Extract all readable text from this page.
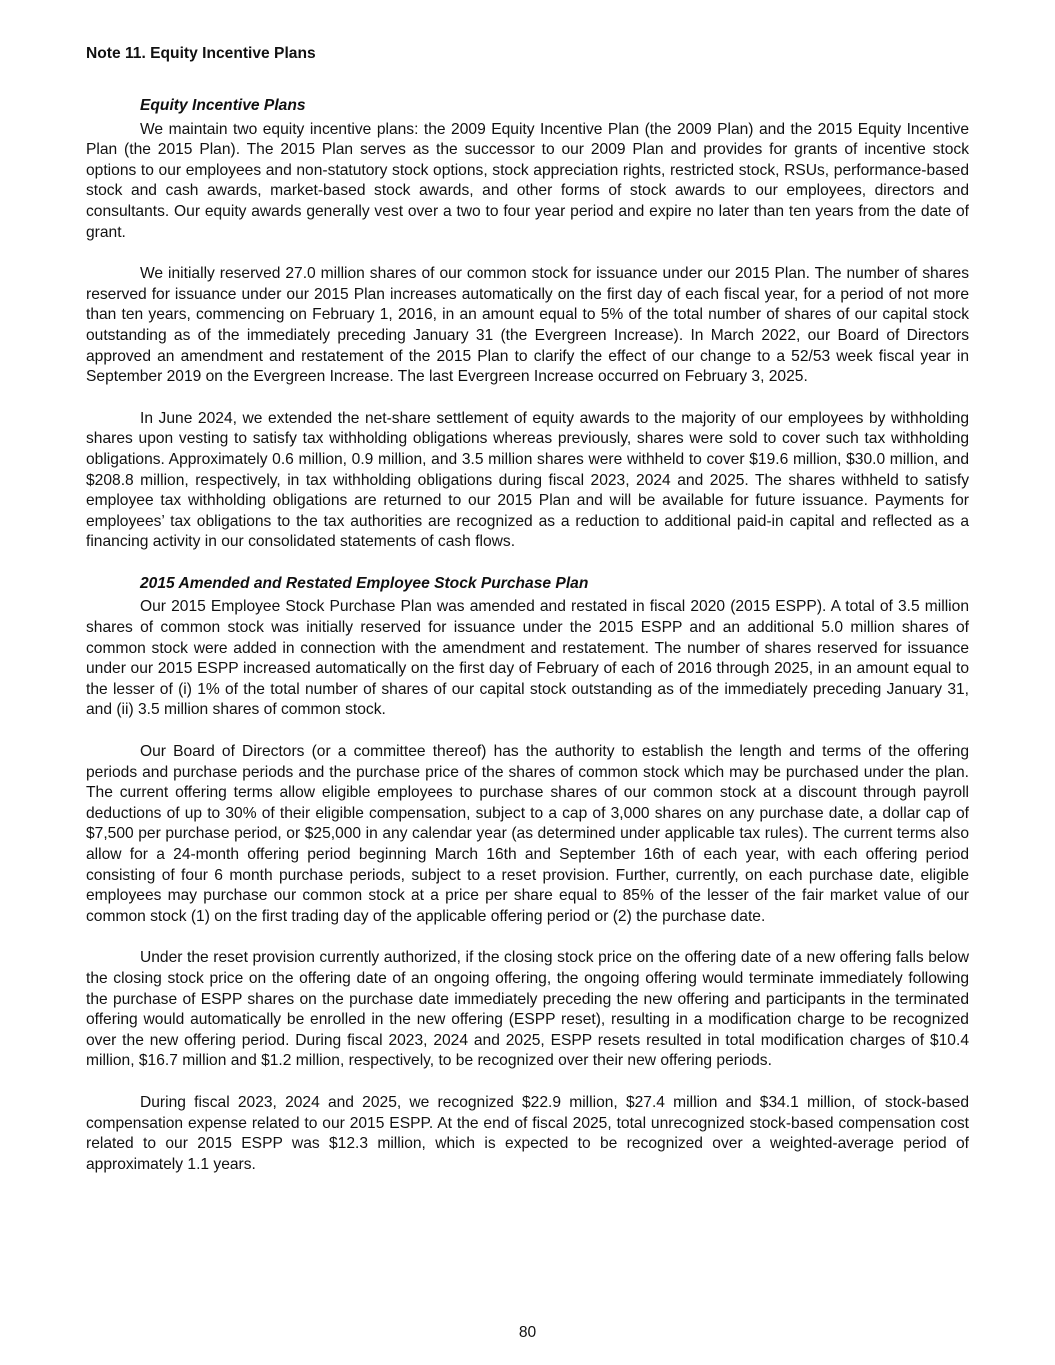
Note 11. Equity Incentive Plans

Equity Incentive Plans

We maintain two equity incentive plans: the 2009 Equity Incentive Plan (the 2009 Plan) and the 2015 Equity Incentive Plan (the 2015 Plan). The 2015 Plan serves as the successor to our 2009 Plan and provides for grants of incentive stock options to our employees and non-statutory stock options, stock appreciation rights, restricted stock, RSUs, performance-based stock and cash awards, market-based stock awards, and other forms of stock awards to our employees, directors and consultants. Our equity awards generally vest over a two to four year period and expire no later than ten years from the date of grant.

We initially reserved 27.0 million shares of our common stock for issuance under our 2015 Plan. The number of shares reserved for issuance under our 2015 Plan increases automatically on the first day of each fiscal year, for a period of not more than ten years, commencing on February 1, 2016, in an amount equal to 5% of the total number of shares of our capital stock outstanding as of the immediately preceding January 31 (the Evergreen Increase). In March 2022, our Board of Directors approved an amendment and restatement of the 2015 Plan to clarify the effect of our change to a 52/53 week fiscal year in September 2019 on the Evergreen Increase. The last Evergreen Increase occurred on February 3, 2025.

In June 2024, we extended the net-share settlement of equity awards to the majority of our employees by withholding shares upon vesting to satisfy tax withholding obligations whereas previously, shares were sold to cover such tax withholding obligations. Approximately 0.6 million, 0.9 million, and 3.5 million shares were withheld to cover $19.6 million, $30.0 million, and $208.8 million, respectively, in tax withholding obligations during fiscal 2023, 2024 and 2025. The shares withheld to satisfy employee tax withholding obligations are returned to our 2015 Plan and will be available for future issuance. Payments for employees’ tax obligations to the tax authorities are recognized as a reduction to additional paid-in capital and reflected as a financing activity in our consolidated statements of cash flows.

2015 Amended and Restated Employee Stock Purchase Plan

Our 2015 Employee Stock Purchase Plan was amended and restated in fiscal 2020 (2015 ESPP). A total of 3.5 million shares of common stock was initially reserved for issuance under the 2015 ESPP and an additional 5.0 million shares of common stock were added in connection with the amendment and restatement. The number of shares reserved for issuance under our 2015 ESPP increased automatically on the first day of February of each of 2016 through 2025, in an amount equal to the lesser of (i) 1% of the total number of shares of our capital stock outstanding as of the immediately preceding January 31, and (ii) 3.5 million shares of common stock.

Our Board of Directors (or a committee thereof) has the authority to establish the length and terms of the offering periods and purchase periods and the purchase price of the shares of common stock which may be purchased under the plan. The current offering terms allow eligible employees to purchase shares of our common stock at a discount through payroll deductions of up to 30% of their eligible compensation, subject to a cap of 3,000 shares on any purchase date, a dollar cap of $7,500 per purchase period, or $25,000 in any calendar year (as determined under applicable tax rules). The current terms also allow for a 24-month offering period beginning March 16th and September 16th of each year, with each offering period consisting of four 6 month purchase periods, subject to a reset provision. Further, currently, on each purchase date, eligible employees may purchase our common stock at a price per share equal to 85% of the lesser of the fair market value of our common stock (1) on the first trading day of the applicable offering period or (2) the purchase date.

Under the reset provision currently authorized, if the closing stock price on the offering date of a new offering falls below the closing stock price on the offering date of an ongoing offering, the ongoing offering would terminate immediately following the purchase of ESPP shares on the purchase date immediately preceding the new offering and participants in the terminated offering would automatically be enrolled in the new offering (ESPP reset), resulting in a modification charge to be recognized over the new offering period. During fiscal 2023, 2024 and 2025, ESPP resets resulted in total modification charges of $10.4 million, $16.7 million and $1.2 million, respectively, to be recognized over their new offering periods.

During fiscal 2023, 2024 and 2025, we recognized $22.9 million, $27.4 million and $34.1 million, of stock-based compensation expense related to our 2015 ESPP. At the end of fiscal 2025, total unrecognized stock-based compensation cost related to our 2015 ESPP was $12.3 million, which is expected to be recognized over a weighted-average period of approximately 1.1 years.

80
